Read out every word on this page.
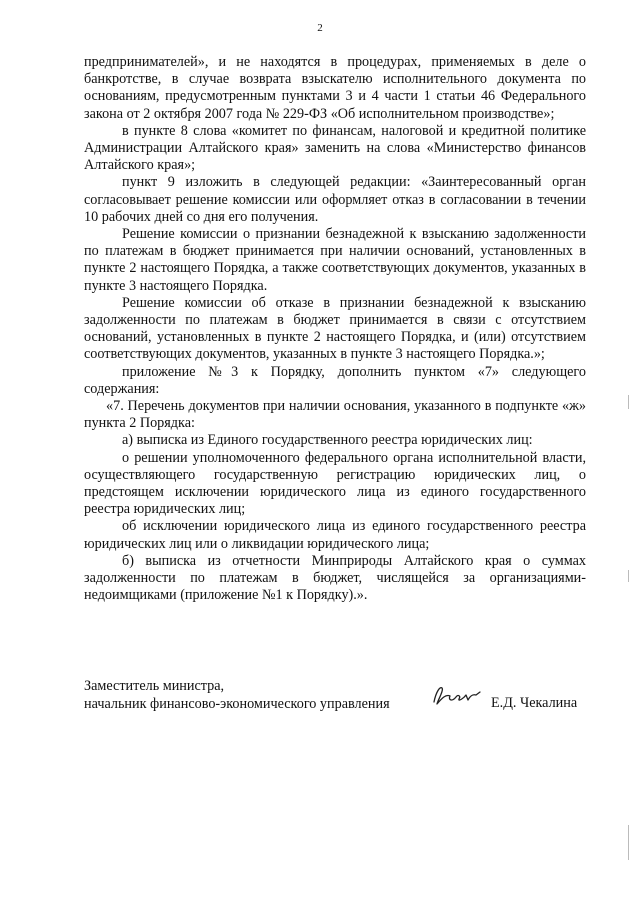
2

предпринимателей», и не находятся в процедурах, применяемых в деле о банкротстве, в случае возврата взыскателю исполнительного документа по основаниям, предусмотренным пунктами 3 и 4 части 1 статьи 46 Федерального закона от 2 октября 2007 года № 229-ФЗ «Об исполнительном производстве»;

в пункте 8 слова «комитет по финансам, налоговой и кредитной политике Администрации Алтайского края» заменить на слова «Министерство финансов Алтайского края»;

пункт 9 изложить в следующей редакции: «Заинтересованный орган согласовывает решение комиссии или оформляет отказ в согласовании в течении 10 рабочих дней со дня его получения.

Решение комиссии о признании безнадежной к взысканию задолженности по платежам в бюджет принимается при наличии оснований, установленных в пункте 2 настоящего Порядка, а также соответствующих документов, указанных в пункте 3 настоящего Порядка.

Решение комиссии об отказе в признании безнадежной к взысканию задолженности по платежам в бюджет принимается в связи с отсутствием оснований, установленных в пункте 2 настоящего Порядка, и (или) отсутствием соответствующих документов, указанных в пункте 3 настоящего Порядка.»;

приложение №3 к Порядку, дополнить пунктом «7» следующего содержания:

«7. Перечень документов при наличии основания, указанного в подпункте «ж» пункта 2 Порядка:

а) выписка из Единого государственного реестра юридических лиц:

о решении уполномоченного федерального органа исполнительной власти, осуществляющего государственную регистрацию юридических лиц, о предстоящем исключении юридического лица из единого государственного реестра юридических лиц;

об исключении юридического лица из единого государственного реестра юридических лиц или о ликвидации юридического лица;

б) выписка из отчетности Минприроды Алтайского края о суммах задолженности по платежам в бюджет, числящейся за организациями-недоимщиками (приложение №1 к Порядку).».

Заместитель министра,
начальник финансово-экономического управления	Е.Д. Чекалина
